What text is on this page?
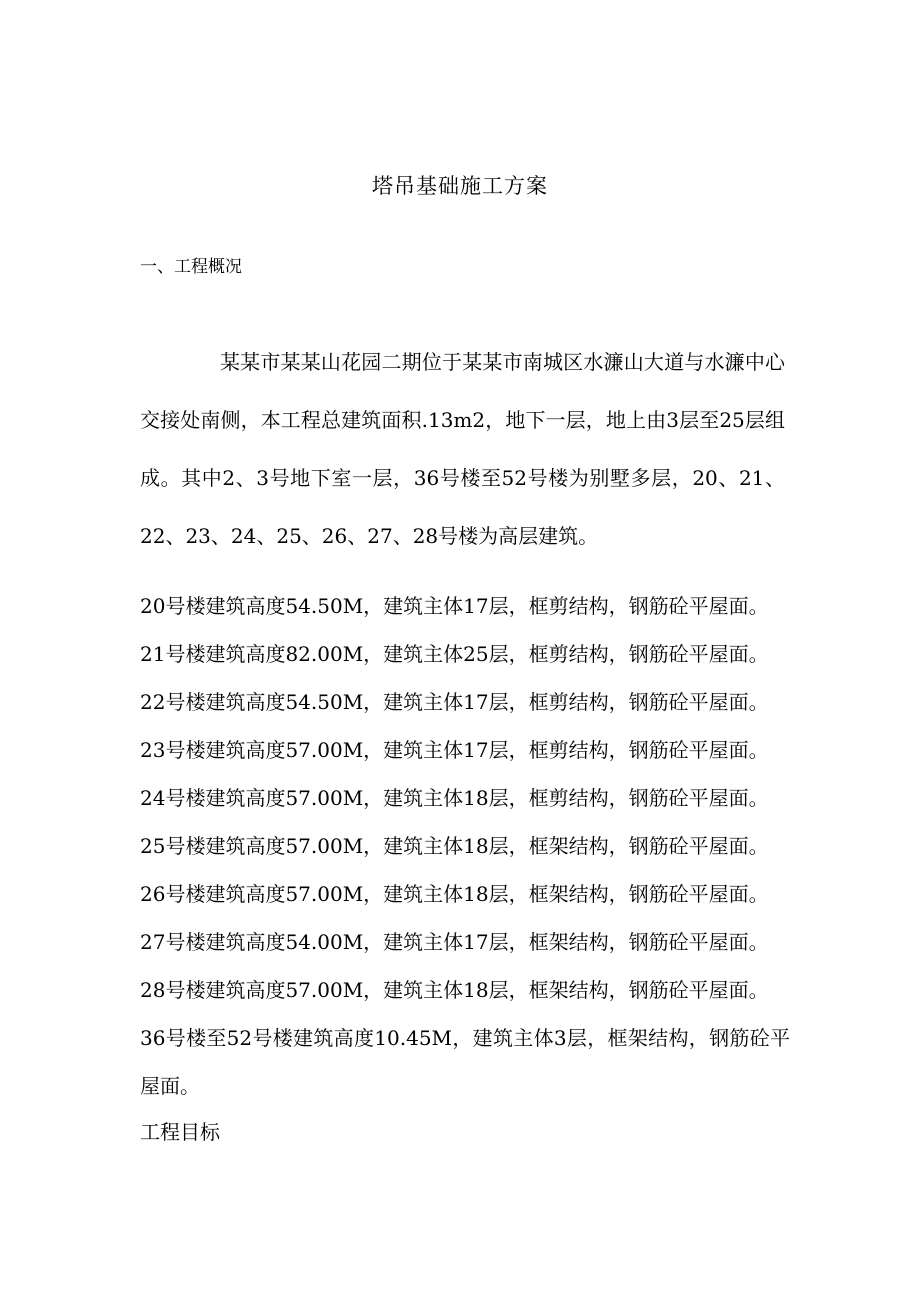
塔吊基础施工方案
一、工程概况
某某市某某山花园二期位于某某市南城区水濂山大道与水濂中心交接处南侧，本工程总建筑面积.13m2，地下一层，地上由3层至25层组成。其中2、3号地下室一层，36号楼至52号楼为别墅多层，20、21、22、23、24、25、26、27、28号楼为高层建筑。
20号楼建筑高度54.50M，建筑主体17层，框剪结构，钢筋砼平屋面。
21号楼建筑高度82.00M，建筑主体25层，框剪结构，钢筋砼平屋面。
22号楼建筑高度54.50M，建筑主体17层，框剪结构，钢筋砼平屋面。
23号楼建筑高度57.00M，建筑主体17层，框剪结构，钢筋砼平屋面。
24号楼建筑高度57.00M，建筑主体18层，框剪结构，钢筋砼平屋面。
25号楼建筑高度57.00M，建筑主体18层，框架结构，钢筋砼平屋面。
26号楼建筑高度57.00M，建筑主体18层，框架结构，钢筋砼平屋面。
27号楼建筑高度54.00M，建筑主体17层，框架结构，钢筋砼平屋面。
28号楼建筑高度57.00M，建筑主体18层，框架结构，钢筋砼平屋面。
36号楼至52号楼建筑高度10.45M，建筑主体3层，框架结构，钢筋砼平屋面。
工程目标
